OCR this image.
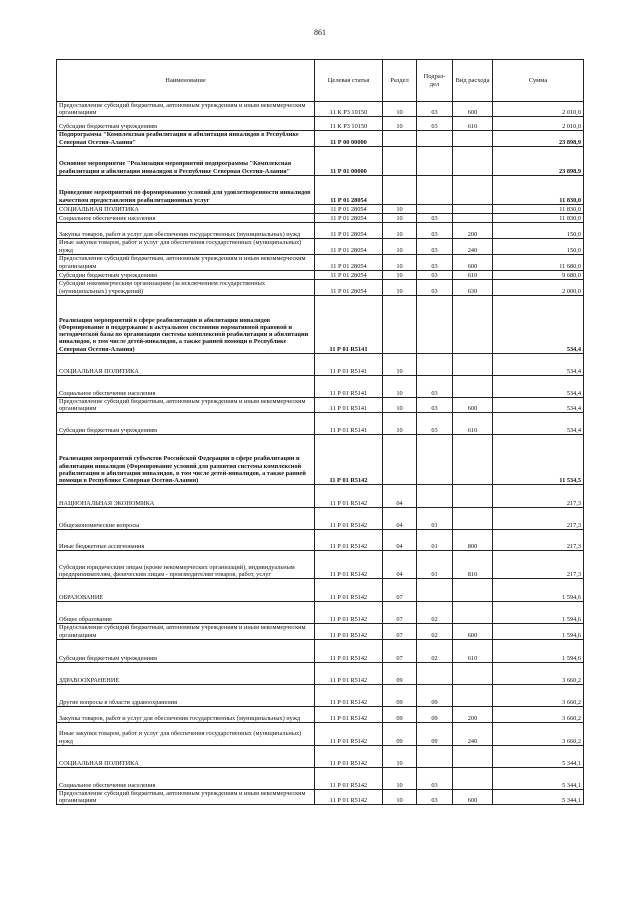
861
Наименование	Целевая статья	Раздел	Подраз-дел	Вид расхода	Сумма
Предоставление субсидий бюджетным, автономным учреждениям и иным некоммерческим организациям	11 К Р3 10150	10	03	600	2 010,0
Субсидии бюджетным учреждениям	11 К Р3 10150	10	03	610	2 010,0
Подпрограмма "Комплексная реабилитация и абилитация инвалидов в Республике Северная Осетия-Алания"	11 Р 00 00000				23 898,9
Основное мероприятие "Реализация мероприятий подпрограммы "Комплексная реабилитация и абилитация инвалидов в Республике Северная Осетия-Алания"	11 Р 01 00000				23 898,9
Проведение мероприятий по формированию условий для удовлетворенности инвалидов качеством предоставления реабилитационных услуг	11 Р 01 28054				11 830,0
СОЦИАЛЬНАЯ ПОЛИТИКА	11 Р 01 28054	10			11 830,0
Социальное обеспечение населения	11 Р 01 28054	10	03		11 830,0
Закупка товаров, работ и услуг для обеспечения государственных (муниципальных) нужд	11 Р 01 28054	10	03	200	150,0
Иные закупки товаров, работ и услуг для обеспечения государственных (муниципальных) нужд	11 Р 01 28054	10	03	240	150,0
Предоставление субсидий бюджетным, автономным учреждениям и иным некоммерческим организациям	11 Р 01 28054	10	03	600	11 680,0
Субсидии бюджетным учреждениям	11 Р 01 28054	10	03	610	9 680,0
Субсидии некоммерческим организациям (за исключением государственных (муниципальных) учреждений)	11 Р 01 28054	10	03	630	2 000,0
Реализация мероприятий в сфере реабилитации и абилитации инвалидов (Формирование и поддержание в актуальном состоянии нормативной правовой и методической базы по организации системы комплексной реабилитации и абилитации инвалидов, в том числе детей-инвалидов, а также ранней помощи в Республике Северная Осетия-Алания)	11 Р 01 R5141				534,4
СОЦИАЛЬНАЯ ПОЛИТИКА	11 Р 01 R5141	10			534,4
Социальное обеспечение населения	11 Р 01 R5141	10	03		534,4
Предоставление субсидий бюджетным, автономным учреждениям и иным некоммерческим организациям	11 Р 01 R5141	10	03	600	534,4
Субсидии бюджетным учреждениям	11 Р 01 R5141	10	03	610	534,4
Реализация мероприятий субъектов Российской Федерации в сфере реабилитации и абилитации инвалидов (Формирование условий для развития системы комплексной реабилитации и абилитации инвалидов, в том числе детей-инвалидов, а также ранней помощи в Республике Северная Осетия-Алания)	11 Р 01 R5142				11 534,5
НАЦИОНАЛЬНАЯ ЭКОНОМИКА	11 Р 01 R5142	04			217,3
Общеэкономические вопросы	11 Р 01 R5142	04	01		217,3
Иные бюджетные ассигнования	11 Р 01 R5142	04	01	800	217,3
Субсидии юридическим лицам (кроме некоммерческих организаций), индивидуальным предпринимателям, физическим лицам - производителям товаров, работ, услуг	11 Р 01 R5142	04	01	810	217,3
ОБРАЗОВАНИЕ	11 Р 01 R5142	07			1 594,6
Общее образование	11 Р 01 R5142	07	02		1 594,6
Предоставление субсидий бюджетным, автономным учреждениям и иным некоммерческим организациям	11 Р 01 R5142	07	02	600	1 594,6
Субсидии бюджетным учреждениям	11 Р 01 R5142	07	02	610	1 594,6
ЗДРАВООХРАНЕНИЕ	11 Р 01 R5142	09			3 660,2
Другие вопросы в области здравоохранения	11 Р 01 R5142	09	09		3 660,2
Закупка товаров, работ и услуг для обеспечения государственных (муниципальных) нужд	11 Р 01 R5142	09	09	200	3 660,2
Иные закупки товаров, работ и услуг для обеспечения государственных (муниципальных) нужд	11 Р 01 R5142	09	09	240	3 660,2
СОЦИАЛЬНАЯ ПОЛИТИКА	11 Р 01 R5142	10			5 344,1
Социальное обеспечение населения	11 Р 01 R5142	10	03		5 344,1
Предоставление субсидий бюджетным, автономным учреждениям и иным некоммерческим организациям	11 Р 01 R5142	10	03	600	5 344,1
